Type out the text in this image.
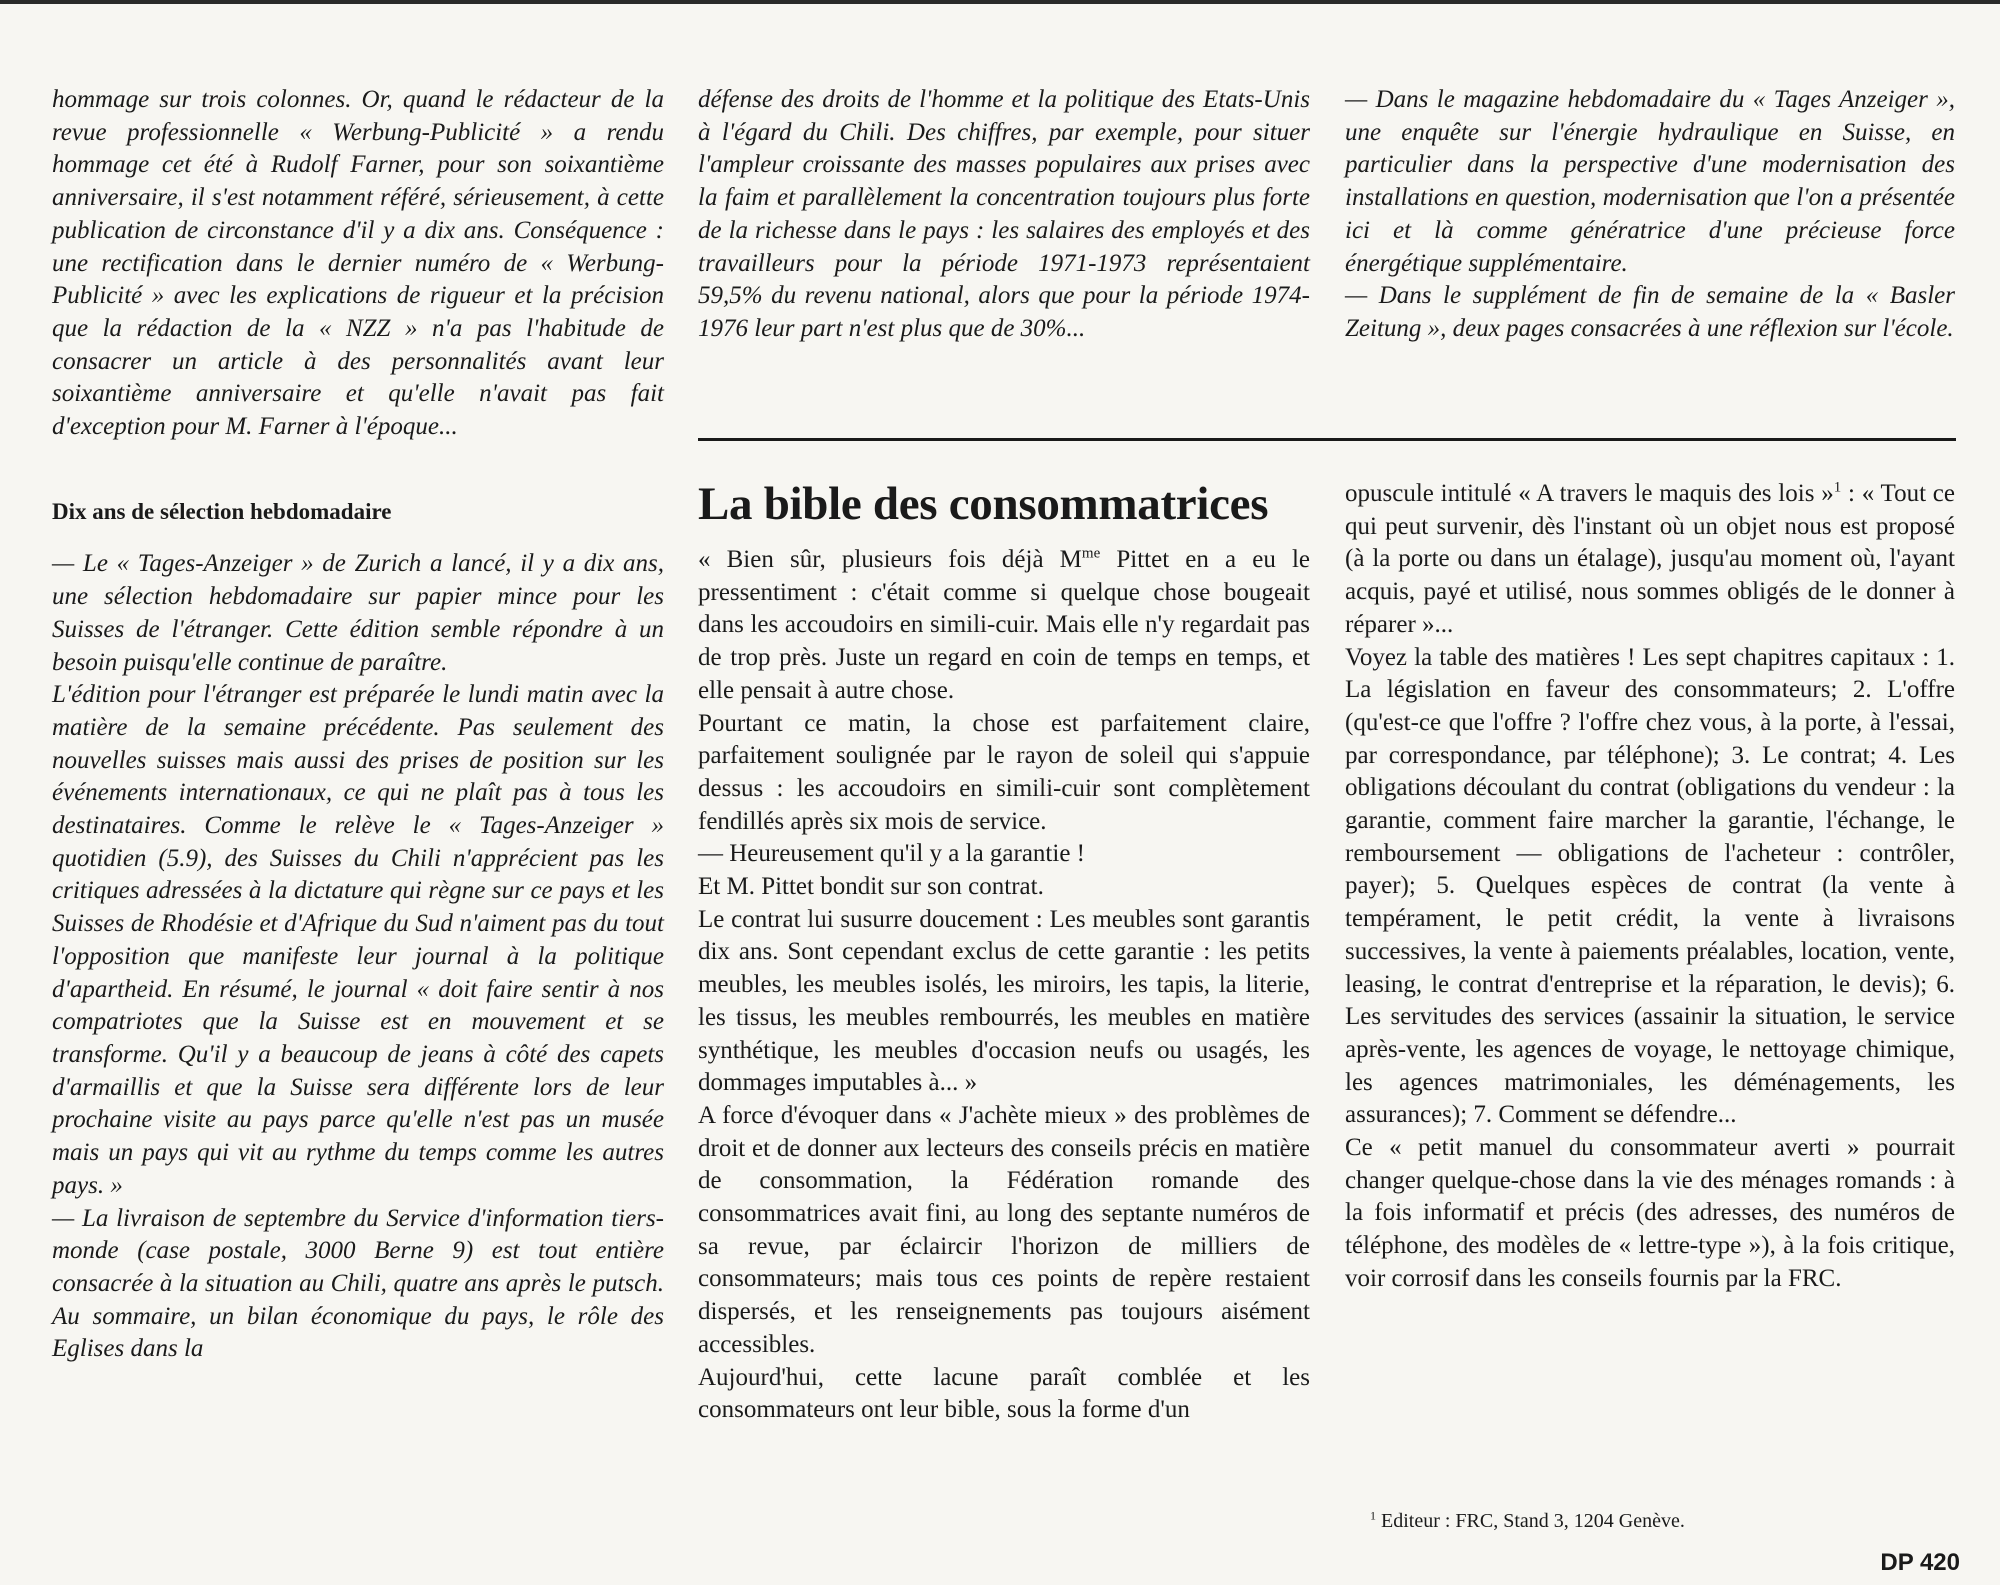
hommage sur trois colonnes. Or, quand le rédacteur de la revue professionnelle « Werbung-Publicité » a rendu hommage cet été à Rudolf Farner, pour son soixantième anniversaire, il s'est notamment référé, sérieusement, à cette publication de circonstance d'il y a dix ans. Conséquence : une rectification dans le dernier numéro de « Werbung-Publicité » avec les explications de rigueur et la précision que la rédaction de la « NZZ » n'a pas l'habitude de consacrer un article à des personnalités avant leur soixantième anniversaire et qu'elle n'avait pas fait d'exception pour M. Farner à l'époque...

Dix ans de sélection hebdomadaire

— Le « Tages-Anzeiger » de Zurich a lancé, il y a dix ans, une sélection hebdomadaire sur papier mince pour les Suisses de l'étranger. Cette édition semble répondre à un besoin puisqu'elle continue de paraître.

L'édition pour l'étranger est préparée le lundi matin avec la matière de la semaine précédente. Pas seulement des nouvelles suisses mais aussi des prises de position sur les événements internationaux, ce qui ne plaît pas à tous les destinataires. Comme le relève le « Tages-Anzeiger » quotidien (5.9), des Suisses du Chili n'apprécient pas les critiques adressées à la dictature qui règne sur ce pays et les Suisses de Rhodésie et d'Afrique du Sud n'aiment pas du tout l'opposition que manifeste leur journal à la politique d'apartheid. En résumé, le journal « doit faire sentir à nos compatriotes que la Suisse est en mouvement et se transforme. Qu'il y a beaucoup de jeans à côté des capets d'armaillis et que la Suisse sera différente lors de leur prochaine visite au pays parce qu'elle n'est pas un musée mais un pays qui vit au rythme du temps comme les autres pays. »

— La livraison de septembre du Service d'information tiers-monde (case postale, 3000 Berne 9) est tout entière consacrée à la situation au Chili, quatre ans après le putsch. Au sommaire, un bilan économique du pays, le rôle des Eglises dans la

défense des droits de l'homme et la politique des Etats-Unis à l'égard du Chili. Des chiffres, par exemple, pour situer l'ampleur croissante des masses populaires aux prises avec la faim et parallèlement la concentration toujours plus forte de la richesse dans le pays : les salaires des employés et des travailleurs pour la période 1971-1973 représentaient 59,5% du revenu national, alors que pour la période 1974-1976 leur part n'est plus que de 30%...

— Dans le magazine hebdomadaire du « Tages Anzeiger », une enquête sur l'énergie hydraulique en Suisse, en particulier dans la perspective d'une modernisation des installations en question, modernisation que l'on a présentée ici et là comme génératrice d'une précieuse force énergétique supplémentaire.

— Dans le supplément de fin de semaine de la « Basler Zeitung », deux pages consacrées à une réflexion sur l'école.

La bible des consommatrices

« Bien sûr, plusieurs fois déjà $M^{me}$ Pittet en a eu le pressentiment : c'était comme si quelque chose bougeait dans les accoudoirs en simili-cuir. Mais elle n'y regardait pas de trop près. Juste un regard en coin de temps en temps, et elle pensait à autre chose.

Pourtant ce matin, la chose est parfaitement claire, parfaitement soulignée par le rayon de soleil qui s'appuie dessus : les accoudoirs en simili-cuir sont complètement fendillés après six mois de service.

— Heureusement qu'il y a la garantie !

Et M. Pittet bondit sur son contrat.

Le contrat lui susurre doucement : Les meubles sont garantis dix ans. Sont cependant exclus de cette garantie : les petits meubles, les meubles isolés, les miroirs, les tapis, la literie, les tissus, les meubles rembourrés, les meubles en matière synthétique, les meubles d'occasion neufs ou usagés, les dommages imputables à... »

A force d'évoquer dans « J'achète mieux » des problèmes de droit et de donner aux lecteurs des conseils précis en matière de consommation, la Fédération romande des consommatrices avait fini, au long des septante numéros de sa revue, par éclaircir l'horizon de milliers de consommateurs; mais tous ces points de repère restaient dispersés, et les renseignements pas toujours aisément accessibles.

Aujourd'hui, cette lacune paraît comblée et les consommateurs ont leur bible, sous la forme d'un

opuscule intitulé « A travers le maquis des lois »$^1$ : « Tout ce qui peut survenir, dès l'instant où un objet nous est proposé (à la porte ou dans un étalage), jusqu'au moment où, l'ayant acquis, payé et utilisé, nous sommes obligés de le donner à réparer »...

Voyez la table des matières ! Les sept chapitres capitaux : 1. La législation en faveur des consommateurs; 2. L'offre (qu'est-ce que l'offre ? l'offre chez vous, à la porte, à l'essai, par correspondance, par téléphone); 3. Le contrat; 4. Les obligations découlant du contrat (obligations du vendeur : la garantie, comment faire marcher la garantie, l'échange, le remboursement — obligations de l'acheteur : contrôler, payer); 5. Quelques espèces de contrat (la vente à tempérament, le petit crédit, la vente à livraisons successives, la vente à paiements préalables, location, vente, leasing, le contrat d'entreprise et la réparation, le devis); 6. Les servitudes des services (assainir la situation, le service après-vente, les agences de voyage, le nettoyage chimique, les agences matrimoniales, les déménagements, les assurances); 7. Comment se défendre...

Ce « petit manuel du consommateur averti » pourrait changer quelque-chose dans la vie des ménages romands : à la fois informatif et précis (des adresses, des numéros de téléphone, des modèles de « lettre-type »), à la fois critique, voir corrosif dans les conseils fournis par la FRC.

$^1$ Editeur : FRC, Stand 3, 1204 Genève.
DP 420
